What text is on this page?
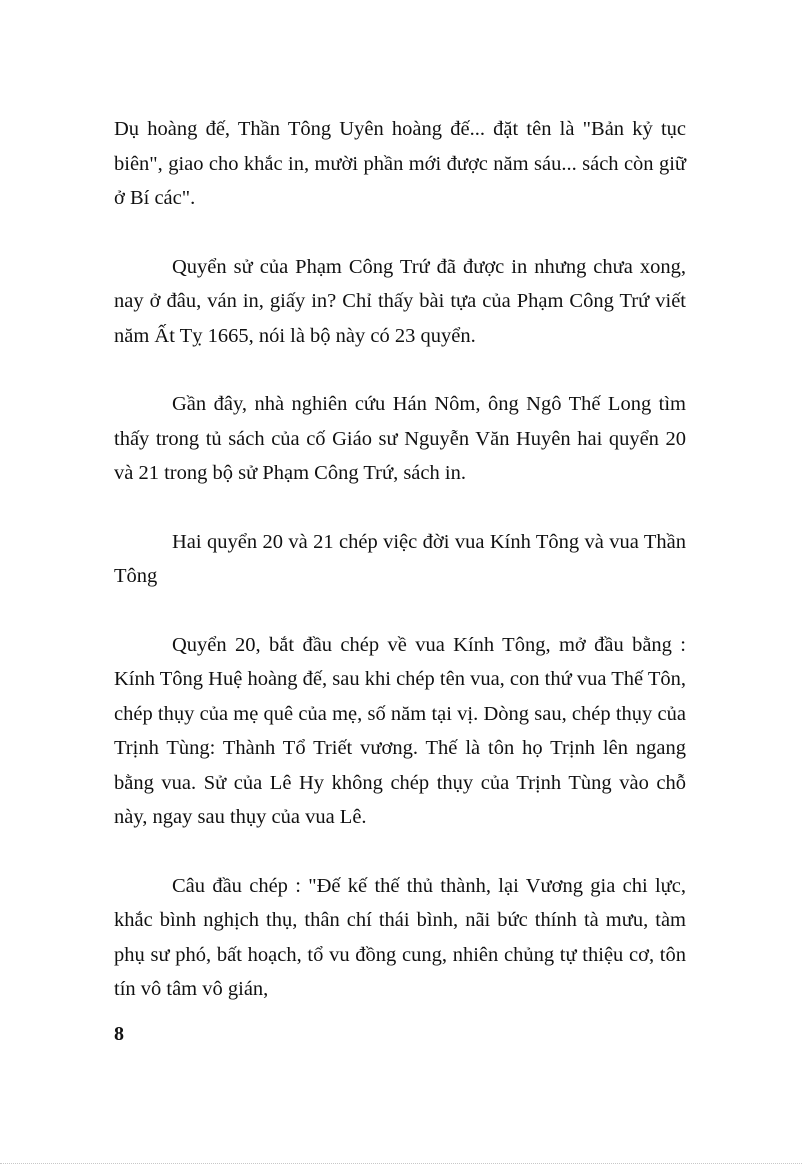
Dụ hoàng đế, Thần Tông Uyên hoàng đế... đặt tên là "Bản kỷ tục biên", giao cho khắc in, mười phần mới được năm sáu... sách còn giữ ở Bí các".

Quyển sử của Phạm Công Trứ đã được in nhưng chưa xong, nay ở đâu, ván in, giấy in? Chỉ thấy bài tựa của Phạm Công Trứ viết năm Ất Tỵ 1665, nói là bộ này có 23 quyển.

Gần đây, nhà nghiên cứu Hán Nôm, ông Ngô Thế Long tìm thấy trong tủ sách của cố Giáo sư Nguyễn Văn Huyên hai quyển 20 và 21 trong bộ sử Phạm Công Trứ, sách in.

Hai quyển 20 và 21 chép việc đời vua Kính Tông và vua Thần Tông

Quyển 20, bắt đầu chép về vua Kính Tông, mở đầu bằng : Kính Tông Huệ hoàng đế, sau khi chép tên vua, con thứ vua Thế Tôn, chép thụy của mẹ quê của mẹ, số năm tại vị. Dòng sau, chép thụy của Trịnh Tùng: Thành Tổ Triết vương. Thế là tôn họ Trịnh lên ngang bằng vua. Sử của Lê Hy không chép thụy của Trịnh Tùng vào chỗ này, ngay sau thụy của vua Lê.

Câu đầu chép : "Đế kế thế thủ thành, lại Vương gia chi lực, khắc bình nghịch thụ, thân chí thái bình, nãi bức thính tà mưu, tàm phụ sư phó, bất hoạch, tổ vu đồng cung, nhiên chủng tự thiệu cơ, tôn tín vô tâm vô gián,

8
